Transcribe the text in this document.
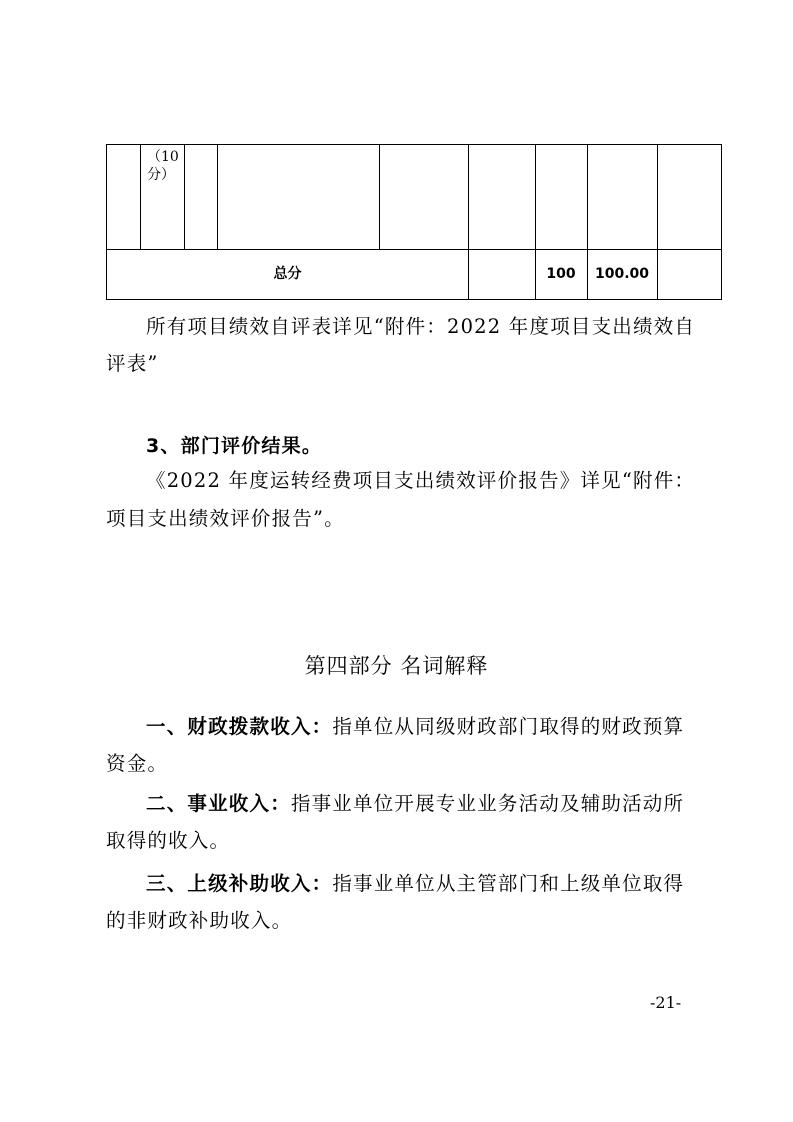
（10
分）
总分	100	100.00
所有项目绩效自评表详见“附件：2022 年度项目支出绩效自
评表”
3、部门评价结果。
《2022 年度运转经费项目支出绩效评价报告》详见“附件：
项目支出绩效评价报告”。
第四部分 名词解释
一、财政拨款收入：指单位从同级财政部门取得的财政预算
资金。
二、事业收入：指事业单位开展专业业务活动及辅助活动所
取得的收入。
三、上级补助收入：指事业单位从主管部门和上级单位取得
的非财政补助收入。
-21-
